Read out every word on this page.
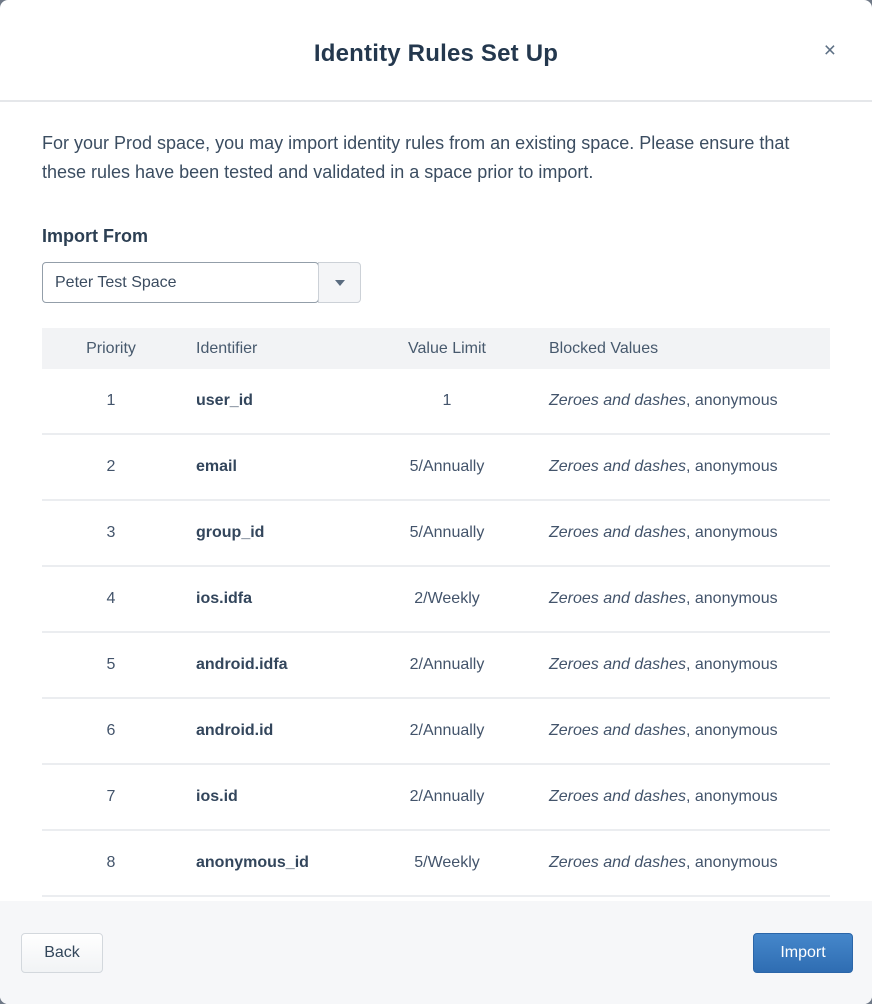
Identity Rules Set Up	×

For your Prod space, you may import identity rules from an existing space. Please ensure that these rules have been tested and validated in a space prior to import.

Import From
Peter Test Space
Priority	Identifier	Value Limit	Blocked Values
1	user_id	1	Zeroes and dashes, anonymous
2	email	5/Annually	Zeroes and dashes, anonymous
3	group_id	5/Annually	Zeroes and dashes, anonymous
4	ios.idfa	2/Weekly	Zeroes and dashes, anonymous
5	android.idfa	2/Annually	Zeroes and dashes, anonymous
6	android.id	2/Annually	Zeroes and dashes, anonymous
7	ios.id	2/Annually	Zeroes and dashes, anonymous
8	anonymous_id	5/Weekly	Zeroes and dashes, anonymous
Back	Import
